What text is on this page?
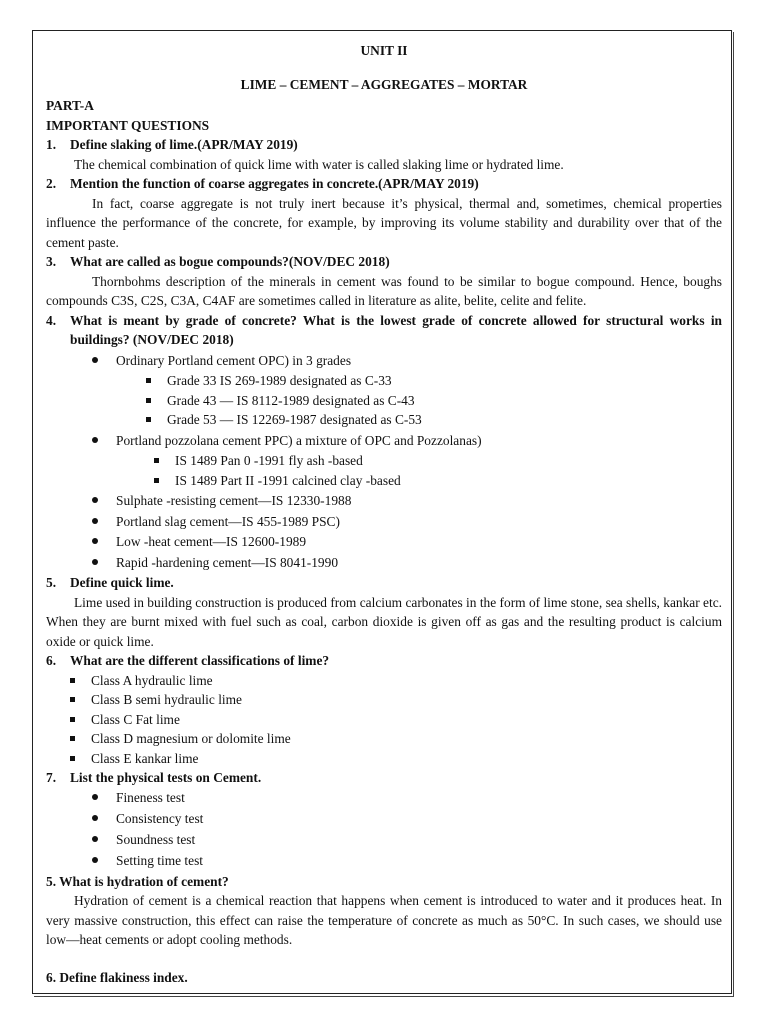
UNIT II
LIME – CEMENT – AGGREGATES – MORTAR
PART-A
IMPORTANT QUESTIONS
1.	Define slaking of lime.(APR/MAY 2019)
The chemical combination of quick lime with water is called slaking lime or hydrated lime.
2.	Mention the function of coarse aggregates in concrete.(APR/MAY 2019)
In fact, coarse aggregate is not truly inert because it’s physical, thermal and, sometimes, chemical properties influence the performance of the concrete, for example, by improving its volume stability and durability over that of the cement paste.
3.	What are called as bogue compounds?(NOV/DEC 2018)
Thornbohms description of the minerals in cement was found to be similar to bogue compound. Hence, boughs compounds C3S, C2S, C3A, C4AF are sometimes called in literature as alite, belite, celite and felite.
4.	What is meant by grade of concrete? What is the lowest grade of concrete allowed for structural works in buildings? (NOV/DEC 2018)
Ordinary Portland cement OPC) in 3 grades
Grade 33 IS 269-1989 designated as C-33
Grade 43 — IS 8112-1989 designated as C-43
Grade 53 — IS 12269-1987 designated as C-53
Portland pozzolana cement PPC) a mixture of OPC and Pozzolanas)
IS 1489 Pan 0 -1991 fly ash -based
IS 1489 Part II -1991 calcined clay -based
Sulphate -resisting cement—IS 12330-1988
Portland slag cement—IS 455-1989 PSC)
Low -heat cement—IS 12600-1989
Rapid -hardening cement—IS 8041-1990
5.	Define quick lime.
Lime used in building construction is produced from calcium carbonates in the form of lime stone, sea shells, kankar etc. When they are burnt mixed with fuel such as coal, carbon dioxide is given off as gas and the resulting product is calcium oxide or quick lime.
6.	What are the different classifications of lime?
Class A hydraulic lime
Class B semi hydraulic lime
Class C Fat lime
Class D magnesium or dolomite lime
Class E kankar lime
7.	List the physical tests on Cement.
Fineness test
Consistency test
Soundness test
Setting time test
5. What is hydration of cement?
Hydration of cement is a chemical reaction that happens when cement is introduced to water and it produces heat. In very massive construction, this effect can raise the temperature of concrete as much as 50°C. In such cases, we should use low—heat cements or adopt cooling methods.
6. Define flakiness index.
